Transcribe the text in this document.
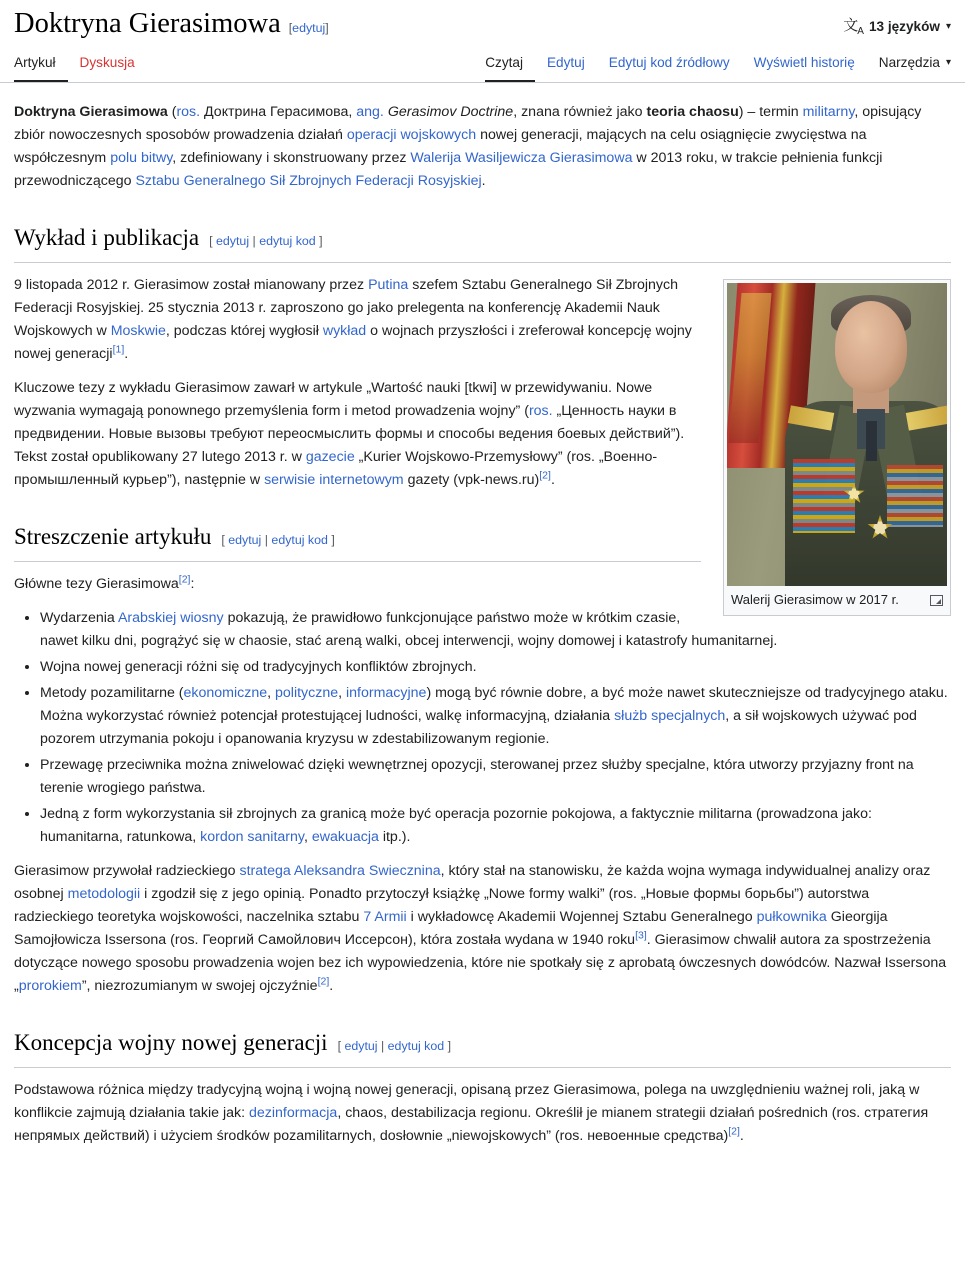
Doktryna Gierasimowa [edytuj]	文$_A$ 13 języków ▾
Artykuł	Dyskusja	Czytaj	Edytuj	Edytuj kod źródłowy	Wyświetl historię	Narzędzia ▾

Doktryna Gierasimowa (ros. Доктрина Герасимова, ang. Gerasimov Doctrine, znana również jako teoria chaosu) – termin militarny, opisujący zbiór nowoczesnych sposobów prowadzenia działań operacji wojskowych nowej generacji, mających na celu osiągnięcie zwycięstwa na współczesnym polu bitwy, zdefiniowany i skonstruowany przez Walerija Wasiljewicza Gierasimowa w 2013 roku, w trakcie pełnienia funkcji przewodniczącego Sztabu Generalnego Sił Zbrojnych Federacji Rosyjskiej.

Wykład i publikacja [ edytuj | edytuj kod ]
Walerij Gierasimow w 2017 r.

9 listopada 2012 r. Gierasimow został mianowany przez Putina szefem Sztabu Generalnego Sił Zbrojnych Federacji Rosyjskiej. 25 stycznia 2013 r. zaproszono go jako prelegenta na konferencję Akademii Nauk Wojskowych w Moskwie, podczas której wygłosił wykład o wojnach przyszłości i zreferował koncepcję wojny nowej generacji[1].

Kluczowe tezy z wykładu Gierasimow zawarł w artykule „Wartość nauki [tkwi] w przewidywaniu. Nowe wyzwania wymagają ponownego przemyślenia form i metod prowadzenia wojny” (ros. „Ценность науки в предвидении. Новые вызовы требуют переосмыслить формы и способы ведения боевых действий”). Tekst został opublikowany 27 lutego 2013 r. w gazecie „Kurier Wojskowo-Przemysłowy” (ros. „Военно-промышленный курьер”), następnie w serwisie internetowym gazety (vpk-news.ru)[2].

Streszczenie artykułu [ edytuj | edytuj kod ]

Główne tezy Gierasimowa[2]:

• Wydarzenia Arabskiej wiosny pokazują, że prawidłowo funkcjonujące państwo może w krótkim czasie, nawet kilku dni, pogrążyć się w chaosie, stać areną walki, obcej interwencji, wojny domowej i katastrofy humanitarnej.
• Wojna nowej generacji różni się od tradycyjnych konfliktów zbrojnych.
• Metody pozamilitarne (ekonomiczne, polityczne, informacyjne) mogą być równie dobre, a być może nawet skuteczniejsze od tradycyjnego ataku. Można wykorzystać również potencjał protestującej ludności, walkę informacyjną, działania służb specjalnych, a sił wojskowych używać pod pozorem utrzymania pokoju i opanowania kryzysu w zdestabilizowanym regionie.
• Przewagę przeciwnika można zniwelować dzięki wewnętrznej opozycji, sterowanej przez służby specjalne, która utworzy przyjazny front na terenie wrogiego państwa.
• Jedną z form wykorzystania sił zbrojnych za granicą może być operacja pozornie pokojowa, a faktycznie militarna (prowadzona jako: humanitarna, ratunkowa, kordon sanitarny, ewakuacja itp.).

Gierasimow przywołał radzieckiego stratega Aleksandra Swiecznina, który stał na stanowisku, że każda wojna wymaga indywidualnej analizy oraz osobnej metodologii i zgodził się z jego opinią. Ponadto przytoczył książkę „Nowe formy walki” (ros. „Новые формы борьбы”) autorstwa radzieckiego teoretyka wojskowości, naczelnika sztabu 7 Armii i wykładowcę Akademii Wojennej Sztabu Generalnego pułkownika Gieorgija Samojłowicza Issersona (ros. Георгий Самойлович Иссерсон), która została wydana w 1940 roku[3]. Gierasimow chwalił autora za spostrzeżenia dotyczące nowego sposobu prowadzenia wojen bez ich wypowiedzenia, które nie spotkały się z aprobatą ówczesnych dowódców. Nazwał Issersona „prorokiem”, niezrozumianym w swojej ojczyźnie[2].

Koncepcja wojny nowej generacji [ edytuj | edytuj kod ]

Podstawowa różnica między tradycyjną wojną i wojną nowej generacji, opisaną przez Gierasimowa, polega na uwzględnieniu ważnej roli, jaką w konflikcie zajmują działania takie jak: dezinformacja, chaos, destabilizacja regionu. Określił je mianem strategii działań pośrednich (ros. стратегия непрямых действий) i użyciem środków pozamilitarnych, dosłownie „niewojskowych” (ros. невоенные средства)[2].
